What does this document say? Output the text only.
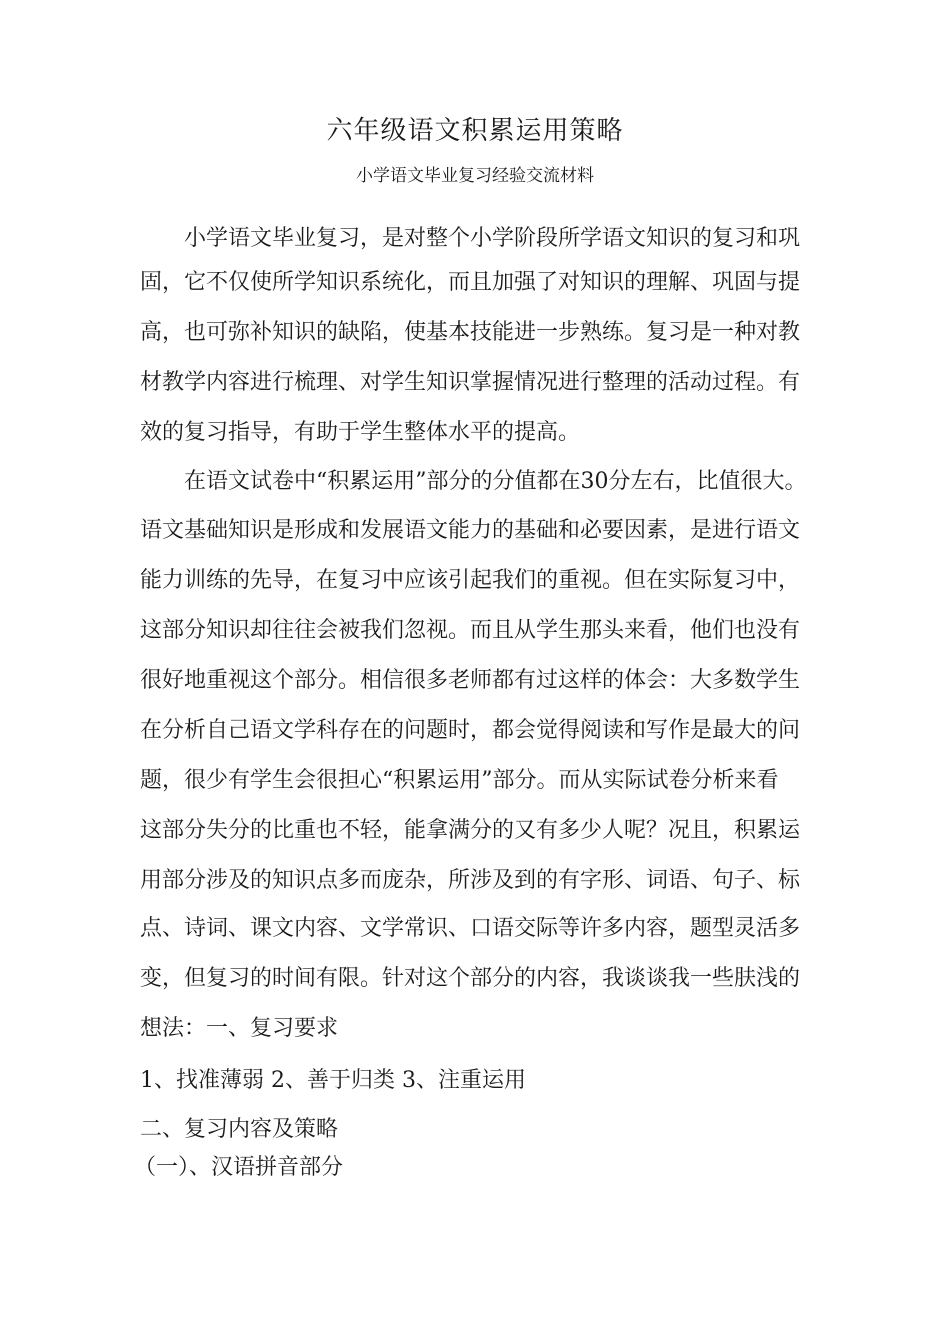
六年级语文积累运用策略
小学语文毕业复习经验交流材料
小学语文毕业复习，是对整个小学阶段所学语文知识的复习和巩
固，它不仅使所学知识系统化，而且加强了对知识的理解、巩固与提
高，也可弥补知识的缺陷，使基本技能进一步熟练。复习是一种对教
材教学内容进行梳理、对学生知识掌握情况进行整理的活动过程。有
效的复习指导，有助于学生整体水平的提高。
在语文试卷中“积累运用”部分的分值都在30分左右，比值很大。
语文基础知识是形成和发展语文能力的基础和必要因素，是进行语文
能力训练的先导，在复习中应该引起我们的重视。但在实际复习中，
这部分知识却往往会被我们忽视。而且从学生那头来看，他们也没有
很好地重视这个部分。相信很多老师都有过这样的体会：大多数学生
在分析自己语文学科存在的问题时，都会觉得阅读和写作是最大的问
题，很少有学生会很担心“积累运用”部分。而从实际试卷分析来看
这部分失分的比重也不轻，能拿满分的又有多少人呢？况且，积累运
用部分涉及的知识点多而庞杂，所涉及到的有字形、词语、句子、标
点、诗词、课文内容、文学常识、口语交际等许多内容，题型灵活多
变，但复习的时间有限。针对这个部分的内容，我谈谈我一些肤浅的
想法：一、复习要求
1、找准薄弱 2、善于归类 3、注重运用
二、复习内容及策略
（一）、汉语拼音部分
